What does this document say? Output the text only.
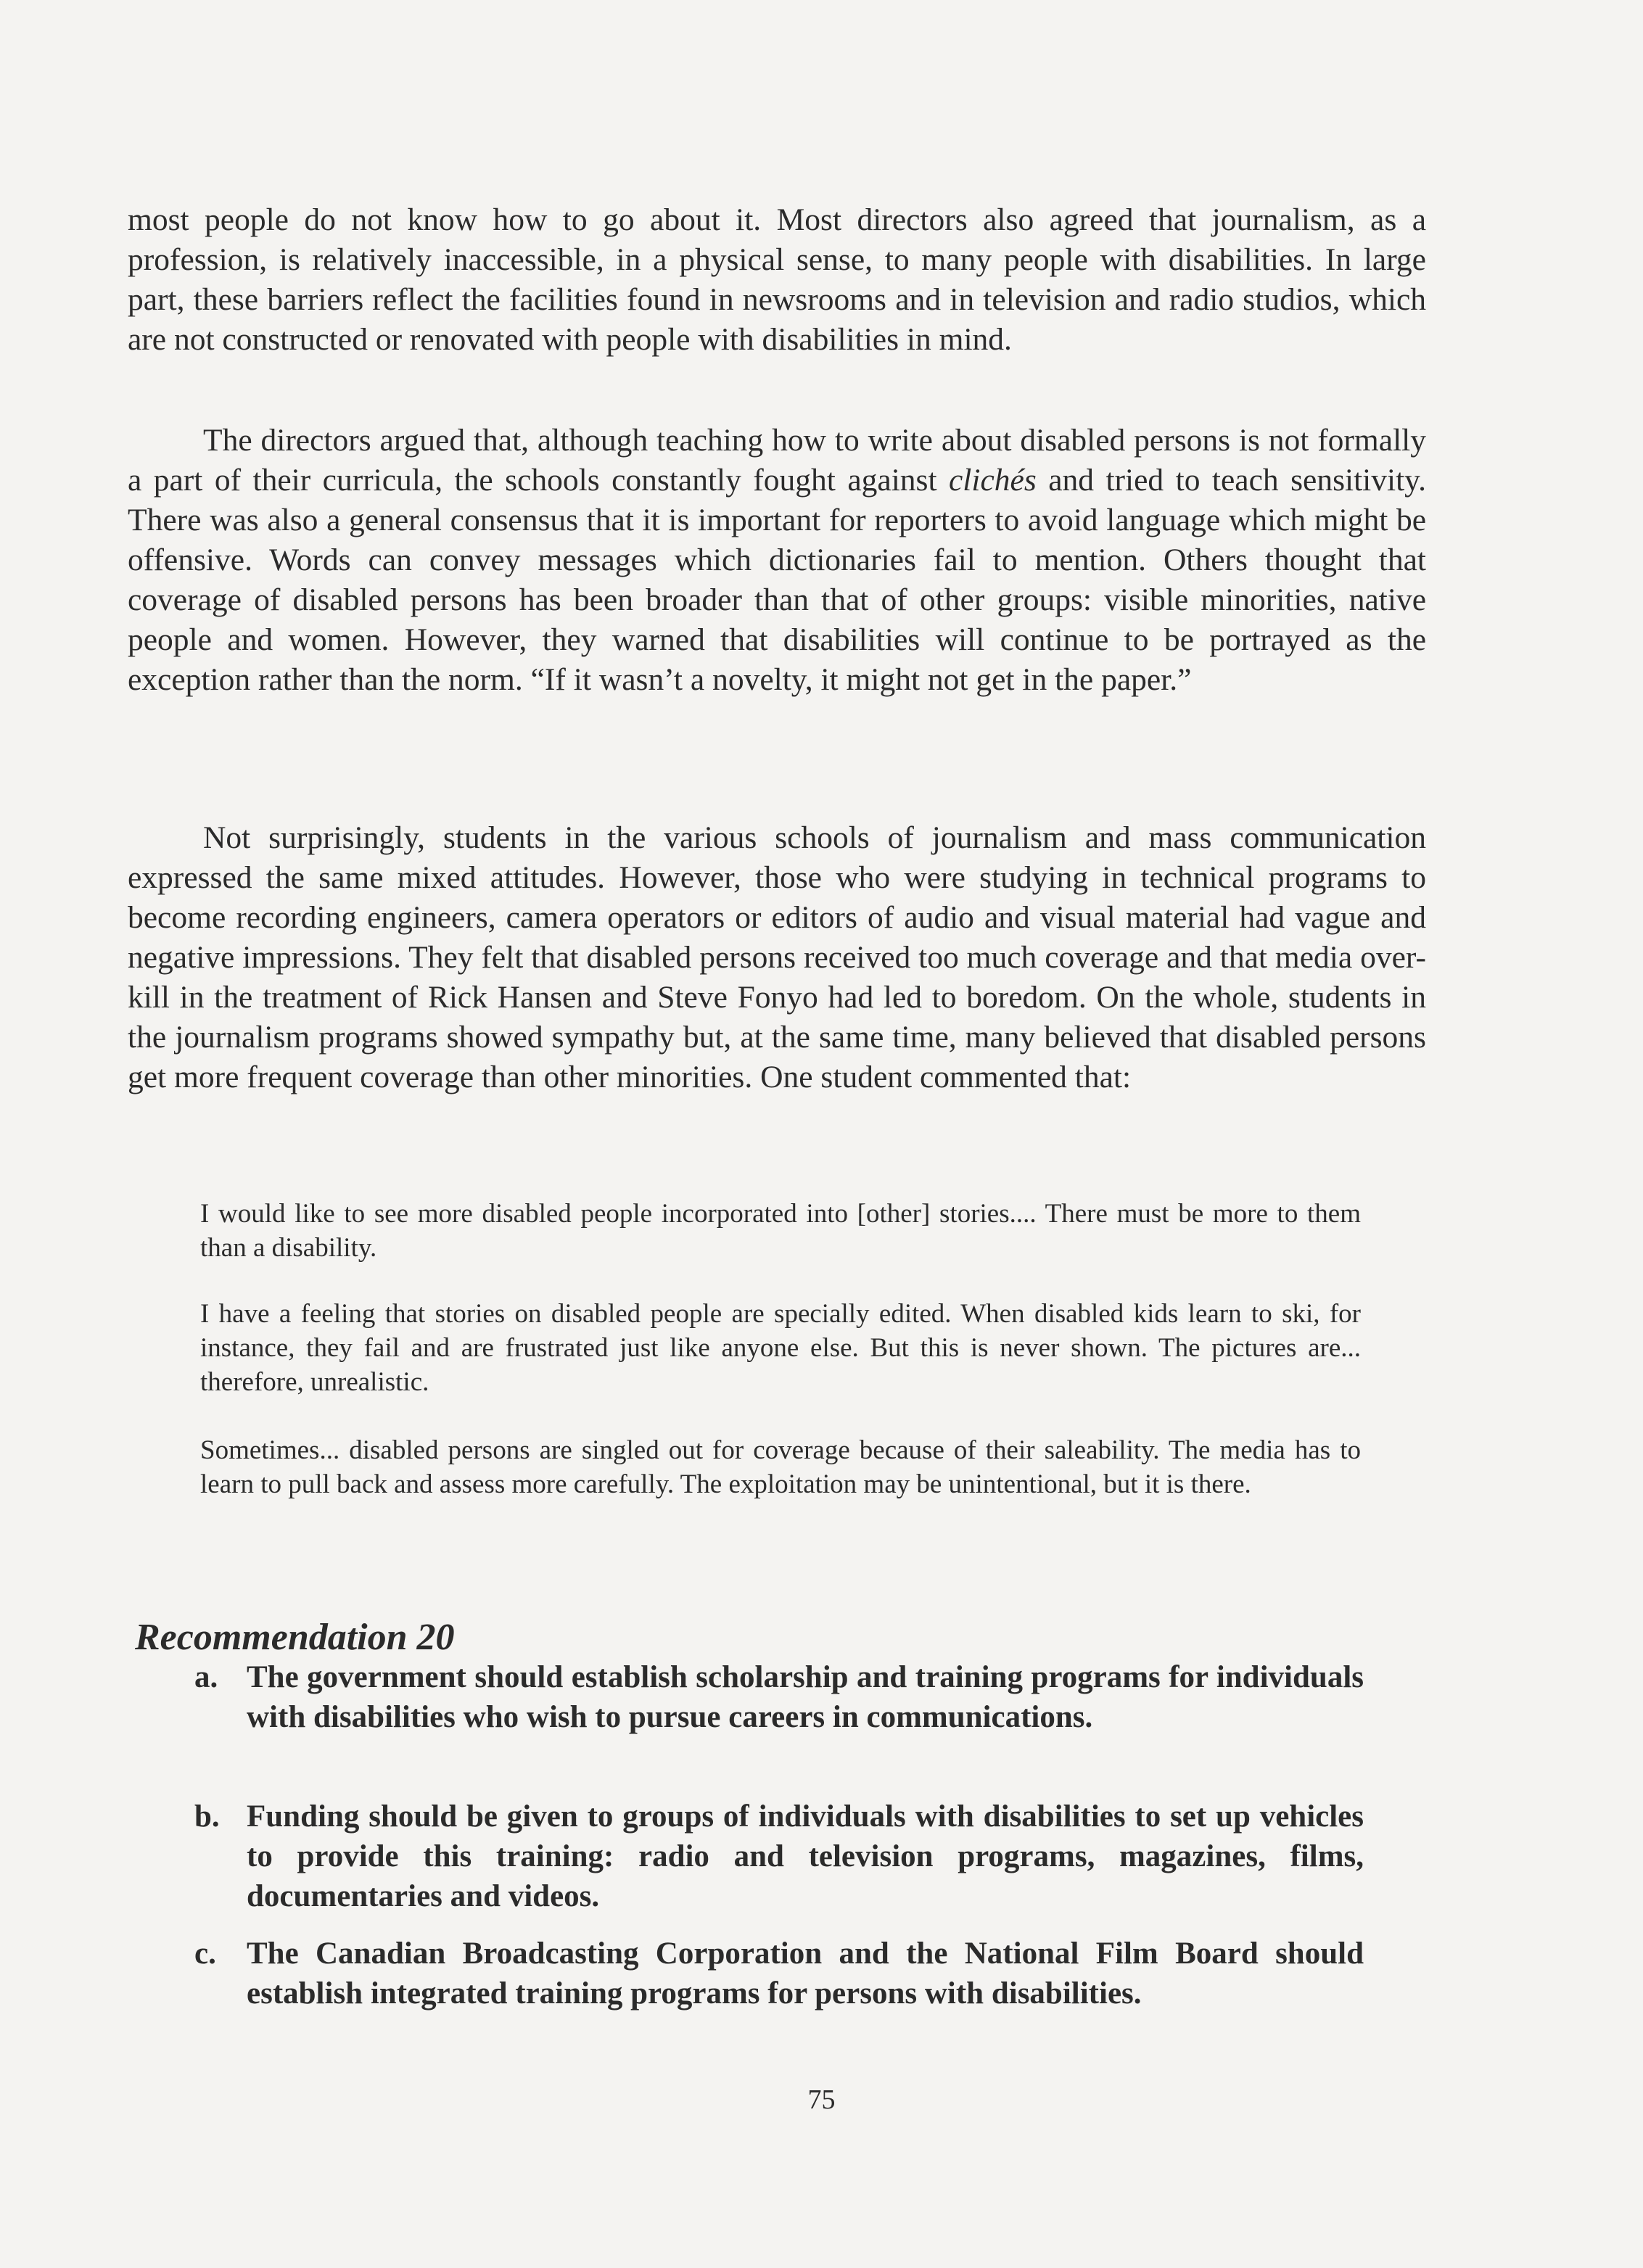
most people do not know how to go about it. Most directors also agreed that journalism, as a profession, is relatively inaccessible, in a physical sense, to many people with disabilities. In large part, these barriers reflect the facilities found in newsrooms and in television and radio studios, which are not constructed or renovated with people with disabilities in mind.

The directors argued that, although teaching how to write about disabled persons is not formally a part of their curricula, the schools constantly fought against clichés and tried to teach sensitivity. There was also a general consensus that it is important for reporters to avoid language which might be offensive. Words can convey messages which dictionaries fail to mention. Others thought that coverage of disabled persons has been broader than that of other groups: visible minorities, native people and women. However, they warned that disabilities will continue to be portrayed as the exception rather than the norm. “If it wasn’t a novelty, it might not get in the paper.”

Not surprisingly, students in the various schools of journalism and mass communication expressed the same mixed attitudes. However, those who were studying in technical programs to become recording engineers, camera operators or editors of audio and visual material had vague and negative impressions. They felt that disabled persons received too much coverage and that media over-kill in the treatment of Rick Hansen and Steve Fonyo had led to boredom. On the whole, students in the journalism programs showed sympathy but, at the same time, many believed that disabled persons get more frequent coverage than other minorities. One student commented that:

I would like to see more disabled people incorporated into [other] stories.... There must be more to them than a disability.

I have a feeling that stories on disabled people are specially edited. When disabled kids learn to ski, for instance, they fail and are frustrated just like anyone else. But this is never shown. The pictures are... therefore, unrealistic.

Sometimes... disabled persons are singled out for coverage because of their saleability. The media has to learn to pull back and assess more carefully. The exploitation may be unintentional, but it is there.

Recommendation 20
a. The government should establish scholarship and training programs for individuals with disabilities who wish to pursue careers in communications.
b. Funding should be given to groups of individuals with disabilities to set up vehicles to provide this training: radio and television programs, magazines, films, documentaries and videos.
c. The Canadian Broadcasting Corporation and the National Film Board should establish integrated training programs for persons with disabilities.

75
